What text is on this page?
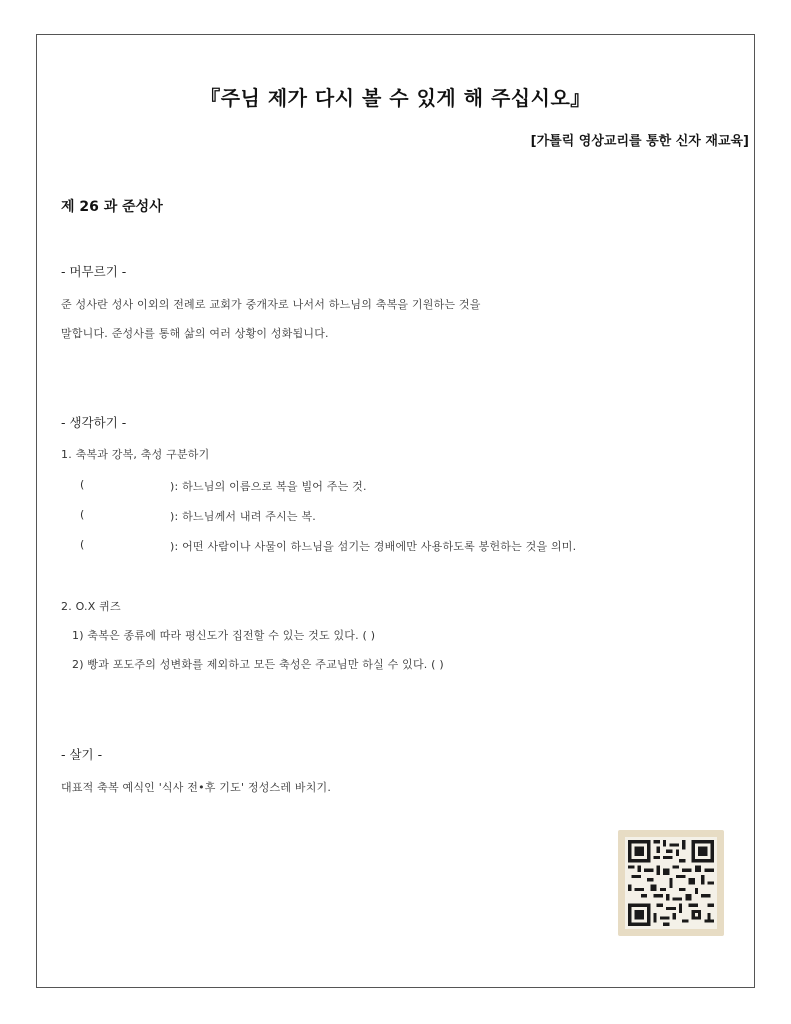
『주님 제가 다시 볼 수 있게 해 주십시오』
[가톨릭 영상교리를 통한 신자 재교육]
제 26 과 준성사
- 머무르기 -
준 성사란 성사 이외의 전례로 교회가 중개자로 나서서 하느님의 축복을 기원하는 것을
말합니다. 준성사를 통해 삶의 여러 상황이 성화됩니다.
- 생각하기 -
1. 축복과 강복, 축성 구분하기
(	): 하느님의 이름으로 복을 빌어 주는 것.
(	): 하느님께서 내려 주시는 복.
(	): 어떤 사람이나 사물이 하느님을 섬기는 경배에만 사용하도록 봉헌하는 것을 의미.
2. O.X 퀴즈
1) 축복은 종류에 따라 평신도가 집전할 수 있는 것도 있다. ( )
2) 빵과 포도주의 성변화를 제외하고 모든 축성은 주교님만 하실 수 있다. ( )
- 살기 -
대표적 축복 예식인 '식사 전•후 기도' 정성스레 바치기.
